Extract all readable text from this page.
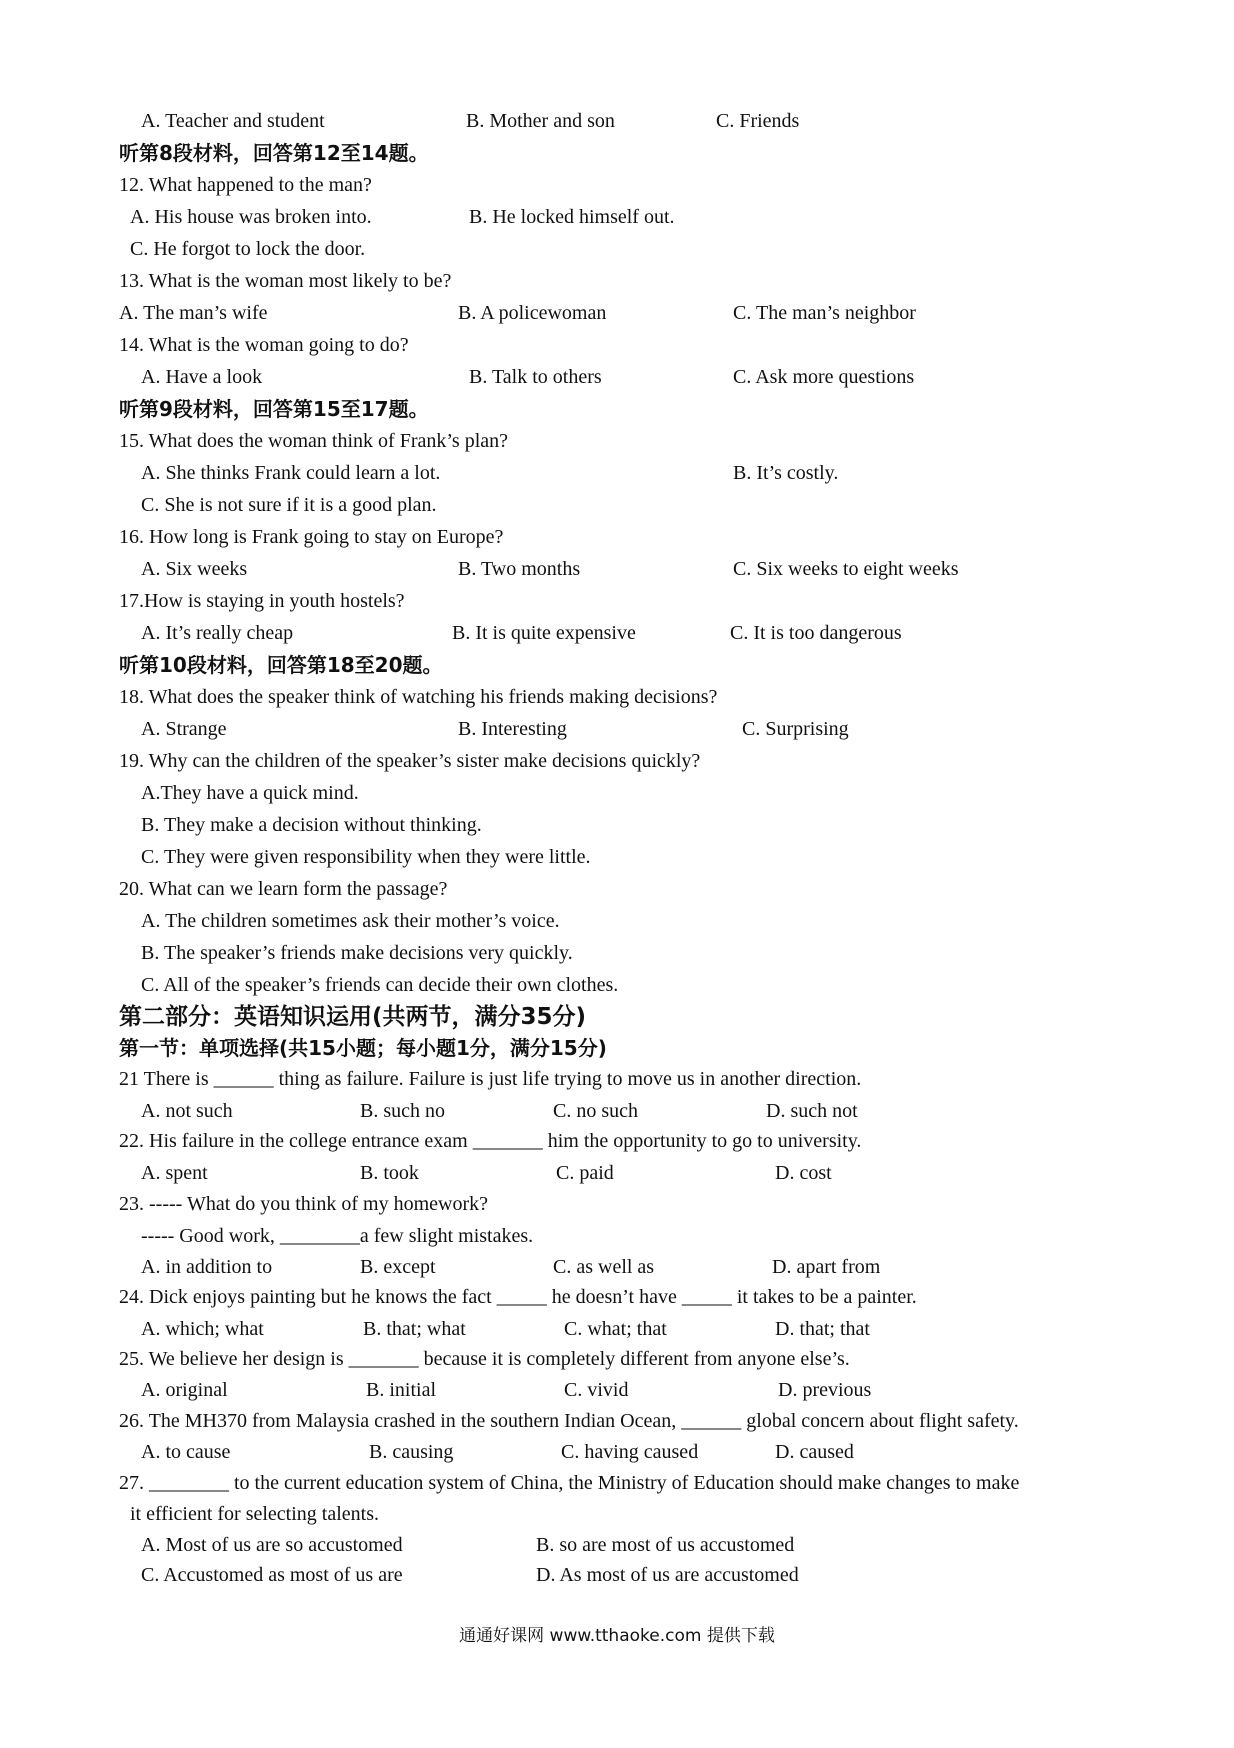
A. Teacher and student	B. Mother and son	C. Friends
听第8段材料，回答第12至14题。
12. What happened to the man?
A. His house was broken into.	B. He locked himself out.
C. He forgot to lock the door.
13. What is the woman most likely to be?
A. The man’s wife	B. A policewoman	C. The man’s neighbor
14. What is the woman going to do?
A. Have a look	B. Talk to others	C. Ask more questions
听第9段材料，回答第15至17题。
15. What does the woman think of Frank’s plan?
A. She thinks Frank could learn a lot.	B. It’s costly.
C. She is not sure if it is a good plan.
16. How long is Frank going to stay on Europe?
A. Six weeks	B. Two months	C. Six weeks to eight weeks
17.How is staying in youth hostels?
A. It’s really cheap	B. It is quite expensive	C. It is too dangerous
听第10段材料，回答第18至20题。
18. What does the speaker think of watching his friends making decisions?
A. Strange	B. Interesting	C. Surprising
19. Why can the children of the speaker’s sister make decisions quickly?
A.They have a quick mind.
B. They make a decision without thinking.
C. They were given responsibility when they were little.
20. What can we learn form the passage?
A. The children sometimes ask their mother’s voice.
B. The speaker’s friends make decisions very quickly.
C. All of the speaker’s friends can decide their own clothes.
第二部分：英语知识运用(共两节，满分35分)
第一节：单项选择(共15小题；每小题1分，满分15分)
21 There is ______ thing as failure. Failure is just life trying to move us in another direction.
A. not such	B. such no	C. no such	D. such not
22. His failure in the college entrance exam _______ him the opportunity to go to university.
A. spent	B. took	C. paid	D. cost
23. ----- What do you think of my homework?
----- Good work, ________a few slight mistakes.
A. in addition to	B. except	C. as well as	D. apart from
24. Dick enjoys painting but he knows the fact _____ he doesn’t have _____ it takes to be a painter.
A. which; what	B. that; what	C. what; that	D. that; that
25. We believe her design is _______ because it is completely different from anyone else’s.
A. original	B. initial	C. vivid	D. previous
26. The MH370 from Malaysia crashed in the southern Indian Ocean, ______ global concern about flight safety.
A. to cause	B. causing	C. having caused	D. caused
27. ________ to the current education system of China, the Ministry of Education should make changes to make
it efficient for selecting talents.
A. Most of us are so accustomed	B. so are most of us accustomed
C. Accustomed as most of us are	D. As most of us are accustomed
通通好课网 www.tthaoke.com 提供下载
